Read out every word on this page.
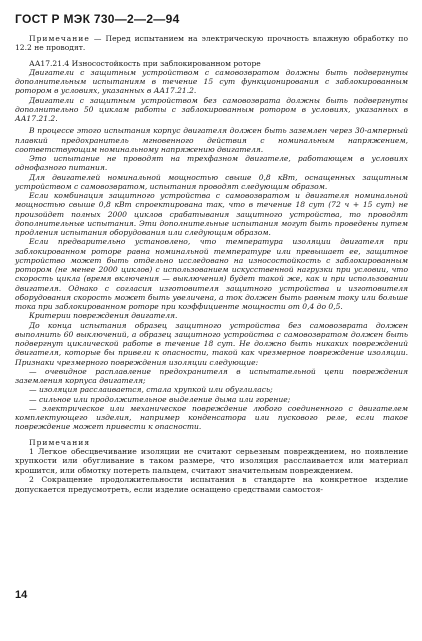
ГОСТ Р МЭК 730—2—2—94

Примечание — Перед испытанием на электрическую прочность влажную обработку по 12.2 не проводят.

АА17.21.4 Износостойкость при заблокированном роторе

Двигатели с защитным устройством с самовозвратом должны быть подвергнуты дополнительным испытаниям в течение 15 сут функционирования с заблокированным ротором в условиях, указанных в АА17.21.2.

Двигатели с защитным устройством без самовозврата должны быть подвергнуты дополнительно 50 циклам работы с заблокированным ротором в условиях, указанных в АА17.21.2.

В процессе этого испытания корпус двигателя должен быть заземлен через 30-амперный плавкий предохранитель мгновенного действия с номинальным напряжением, соответствующим номинальному напряжению двигателя.

Это испытание не проводят на трехфазном двигателе, работающем в условиях однофазного питания.

Для двигателей номинальной мощностью свыше 0,8 кВт, оснащенных защитным устройством с самовозвратом, испытания проводят следующим образом.

Если комбинация защитного устройства с самовозвратом и двигателя номинальной мощностью свыше 0,8 кВт спроектирована так, что в течение 18 сут (72 ч + 15 сут) не произойдет полных 2000 циклов срабатывания защитного устройства, то проводят дополнительные испытания. Эти дополнительные испытания могут быть проведены путем продления испытания оборудования или следующим образом.

Если предварительно установлено, что температура изоляции двигателя при заблокированном роторе равна номинальной температуре или превышает ее, защитное устройство может быть отдельно исследовано на износостойкость с заблокированным ротором (не менее 2000 циклов) с использованием искусственной нагрузки при условии, что скорость цикла (время включения — выключения) будет такой же, как и при использовании двигателя. Однако с согласия изготовителя защитного устройства и изготовителя оборудования скорость может быть увеличена, а ток должен быть равным току или больше тока при заблокированном роторе при коэффициенте мощности от 0,4 до 0,5.

Критерии повреждения двигателя.

До конца испытания образец защитного устройства без самовозврата должен выполнить 60 выключений, а образец защитного устройства с самовозвратом должен быть подвергнут циклической работе в течение 18 сут. Не должно быть никаких повреждений двигателя, которые бы привели к опасности, такой как чрезмерное повреждение изоляции. Признаки чрезмерного повреждения изоляции следующие:

— очевидное расплавление предохранителя в испытательной цепи повреждения заземления корпуса двигателя;

— изоляция расслаивается, стала хрупкой или обуглилась;

— сильное или продолжительное выделение дыма или горение;

— электрическое или механическое повреждение любого соединенного с двигателем комплектующего изделия, например конденсатора или пускового реле, если такое повреждение может привести к опасности.

Примечания

1 Легкое обесцвечивание изоляции не считают серьезным повреждением, но появление хрупкости или обугливание в таком размере, что изоляция расслаивается или материал крошится, или обмотку потереть пальцем, считают значительным повреждением.

2 Сокращение продолжительности испытания в стандарте на конкретное изделие допускается предусмотреть, если изделие оснащено средствами самостоя-

14
